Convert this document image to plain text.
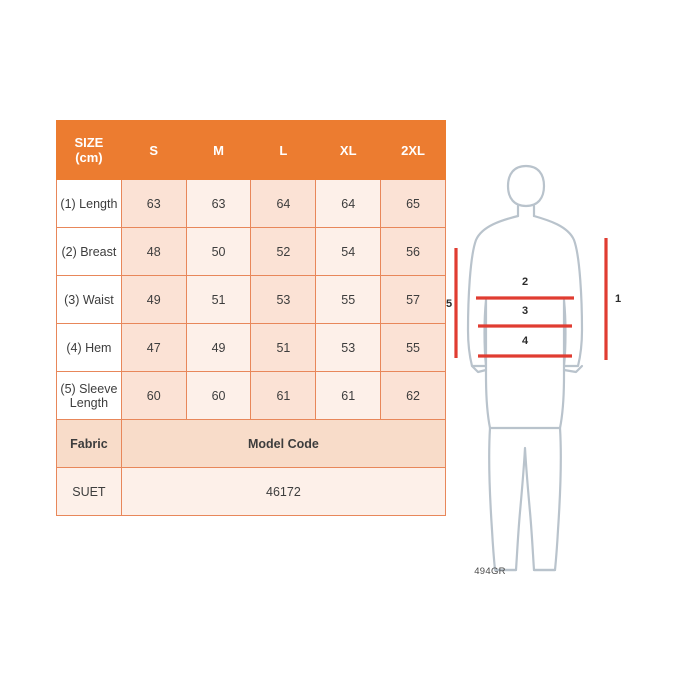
SIZE
(cm)	S	M	L	XL	2XL
(1) Length	63	63	64	64	65
(2) Breast	48	50	52	54	56
(3) Waist	49	51	53	55	57
(4) Hem	47	49	51	53	55
(5) Sleeve Length	60	60	61	61	62
Fabric	Model Code				
SUET	46172				
2
3
4
5	1
494GR
